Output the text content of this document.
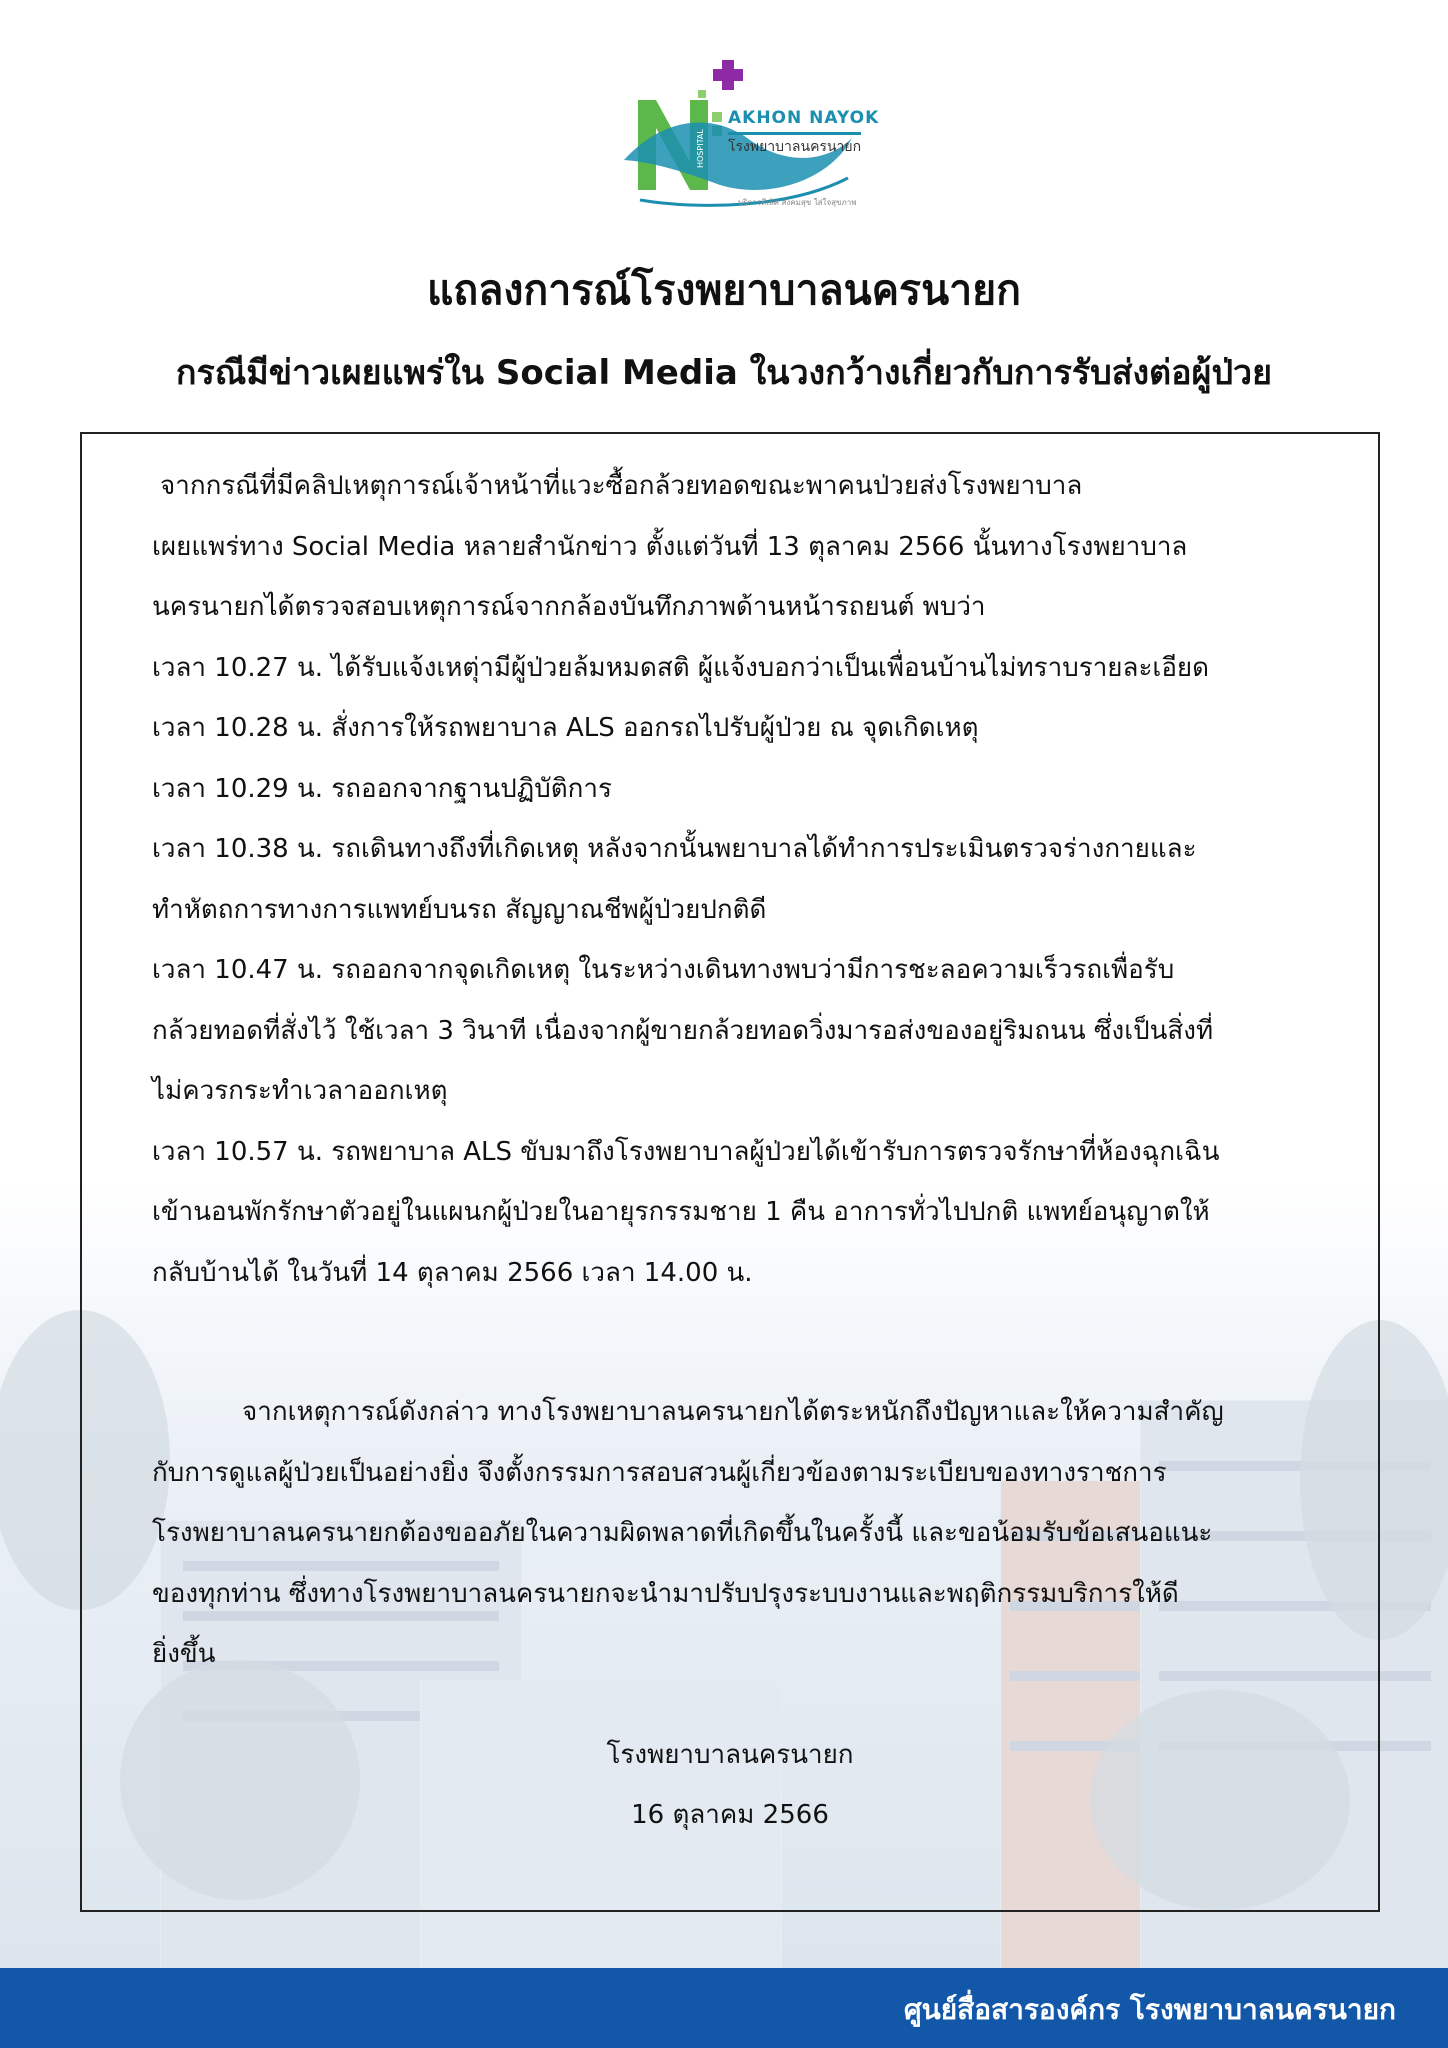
AKHON NAYOK
โรงพยาบาลนครนายก
บริการดีเลิศ สังคมสุข ใส่ใจสุขภาพ
HOSPITAL
แถลงการณ์โรงพยาบาลนครนายก
กรณีมีข่าวเผยแพร่ใน Social Media ในวงกว้างเกี่ยวกับการรับส่งต่อผู้ป่วย
จากกรณีที่มีคลิปเหตุการณ์เจ้าหน้าที่แวะซื้อกล้วยทอดขณะพาคนป่วยส่งโรงพยาบาล
เผยแพร่ทาง Social Media หลายสำนักข่าว ตั้งแต่วันที่ 13 ตุลาคม 2566 นั้นทางโรงพยาบาล
นครนายกได้ตรวจสอบเหตุการณ์จากกล้องบันทึกภาพด้านหน้ารถยนต์ พบว่า
เวลา 10.27 น. ได้รับแจ้งเหตุ่ามีผู้ป่วยล้มหมดสติ ผู้แจ้งบอกว่าเป็นเพื่อนบ้านไม่ทราบรายละเอียด
เวลา 10.28 น. สั่งการให้รถพยาบาล ALS ออกรถไปรับผู้ป่วย ณ จุดเกิดเหตุ
เวลา 10.29 น. รถออกจากฐานปฏิบัติการ
เวลา 10.38 น. รถเดินทางถึงที่เกิดเหตุ หลังจากนั้นพยาบาลได้ทำการประเมินตรวจร่างกายและ
ทำหัตถการทางการแพทย์บนรถ สัญญาณชีพผู้ป่วยปกติดี
เวลา 10.47 น. รถออกจากจุดเกิดเหตุ ในระหว่างเดินทางพบว่ามีการชะลอความเร็วรถเพื่อรับ
กล้วยทอดที่สั่งไว้ ใช้เวลา 3 วินาที เนื่องจากผู้ขายกล้วยทอดวิ่งมารอส่งของอยู่ริมถนน ซึ่งเป็นสิ่งที่
ไม่ควรกระทำเวลาออกเหตุ
เวลา 10.57 น. รถพยาบาล ALS ขับมาถึงโรงพยาบาลผู้ป่วยได้เข้ารับการตรวจรักษาที่ห้องฉุกเฉิน
เข้านอนพักรักษาตัวอยู่ในแผนกผู้ป่วยในอายุรกรรมชาย 1 คืน อาการทั่วไปปกติ แพทย์อนุญาตให้
กลับบ้านได้ ในวันที่ 14 ตุลาคม 2566 เวลา 14.00 น.
จากเหตุการณ์ดังกล่าว ทางโรงพยาบาลนครนายกได้ตระหนักถึงปัญหาและให้ความสำคัญ
กับการดูแลผู้ป่วยเป็นอย่างยิ่ง จึงตั้งกรรมการสอบสวนผู้เกี่ยวข้องตามระเบียบของทางราชการ
โรงพยาบาลนครนายกต้องขออภัยในความผิดพลาดที่เกิดขึ้นในครั้งนี้ และขอน้อมรับข้อเสนอแนะ
ของทุกท่าน ซึ่งทางโรงพยาบาลนครนายกจะนำมาปรับปรุงระบบงานและพฤติกรรมบริการให้ดี
ยิ่งขึ้น
โรงพยาบาลนครนายก
16 ตุลาคม 2566
ศูนย์สื่อสารองค์กร โรงพยาบาลนครนายก
